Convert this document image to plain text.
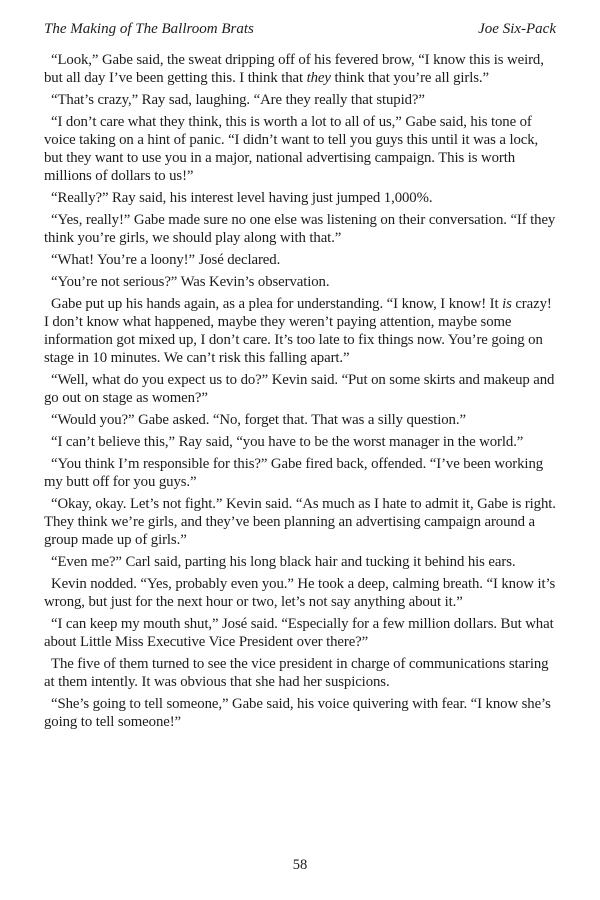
The Making of The Ballroom Brats	Joe Six-Pack

“Look,” Gabe said, the sweat dripping off of his fevered brow, “I know this is weird, but all day I’ve been getting this. I think that they think that you’re all girls.”

“That’s crazy,” Ray sad, laughing. “Are they really that stupid?”

“I don’t care what they think, this is worth a lot to all of us,” Gabe said, his tone of voice taking on a hint of panic. “I didn’t want to tell you guys this until it was a lock, but they want to use you in a major, national advertising campaign. This is worth millions of dollars to us!”

“Really?” Ray said, his interest level having just jumped 1,000%.

“Yes, really!” Gabe made sure no one else was listening on their conversation. “If they think you’re girls, we should play along with that.”

“What! You’re a loony!” José declared.

“You’re not serious?” Was Kevin’s observation.

Gabe put up his hands again, as a plea for understanding. “I know, I know! It is crazy! I don’t know what happened, maybe they weren’t paying attention, maybe some information got mixed up, I don’t care. It’s too late to fix things now. You’re going on stage in 10 minutes. We can’t risk this falling apart.”

“Well, what do you expect us to do?” Kevin said. “Put on some skirts and makeup and go out on stage as women?”

“Would you?” Gabe asked. “No, forget that. That was a silly question.”

“I can’t believe this,” Ray said, “you have to be the worst manager in the world.”

“You think I’m responsible for this?” Gabe fired back, offended. “I’ve been working my butt off for you guys.”

“Okay, okay. Let’s not fight.” Kevin said. “As much as I hate to admit it, Gabe is right. They think we’re girls, and they’ve been planning an advertising campaign around a group made up of girls.”

“Even me?” Carl said, parting his long black hair and tucking it behind his ears.

Kevin nodded. “Yes, probably even you.” He took a deep, calming breath. “I know it’s wrong, but just for the next hour or two, let’s not say anything about it.”

“I can keep my mouth shut,” José said. “Especially for a few million dollars. But what about Little Miss Executive Vice President over there?”

The five of them turned to see the vice president in charge of communications staring at them intently. It was obvious that she had her suspicions.

“She’s going to tell someone,” Gabe said, his voice quivering with fear. “I know she’s going to tell someone!”

58
